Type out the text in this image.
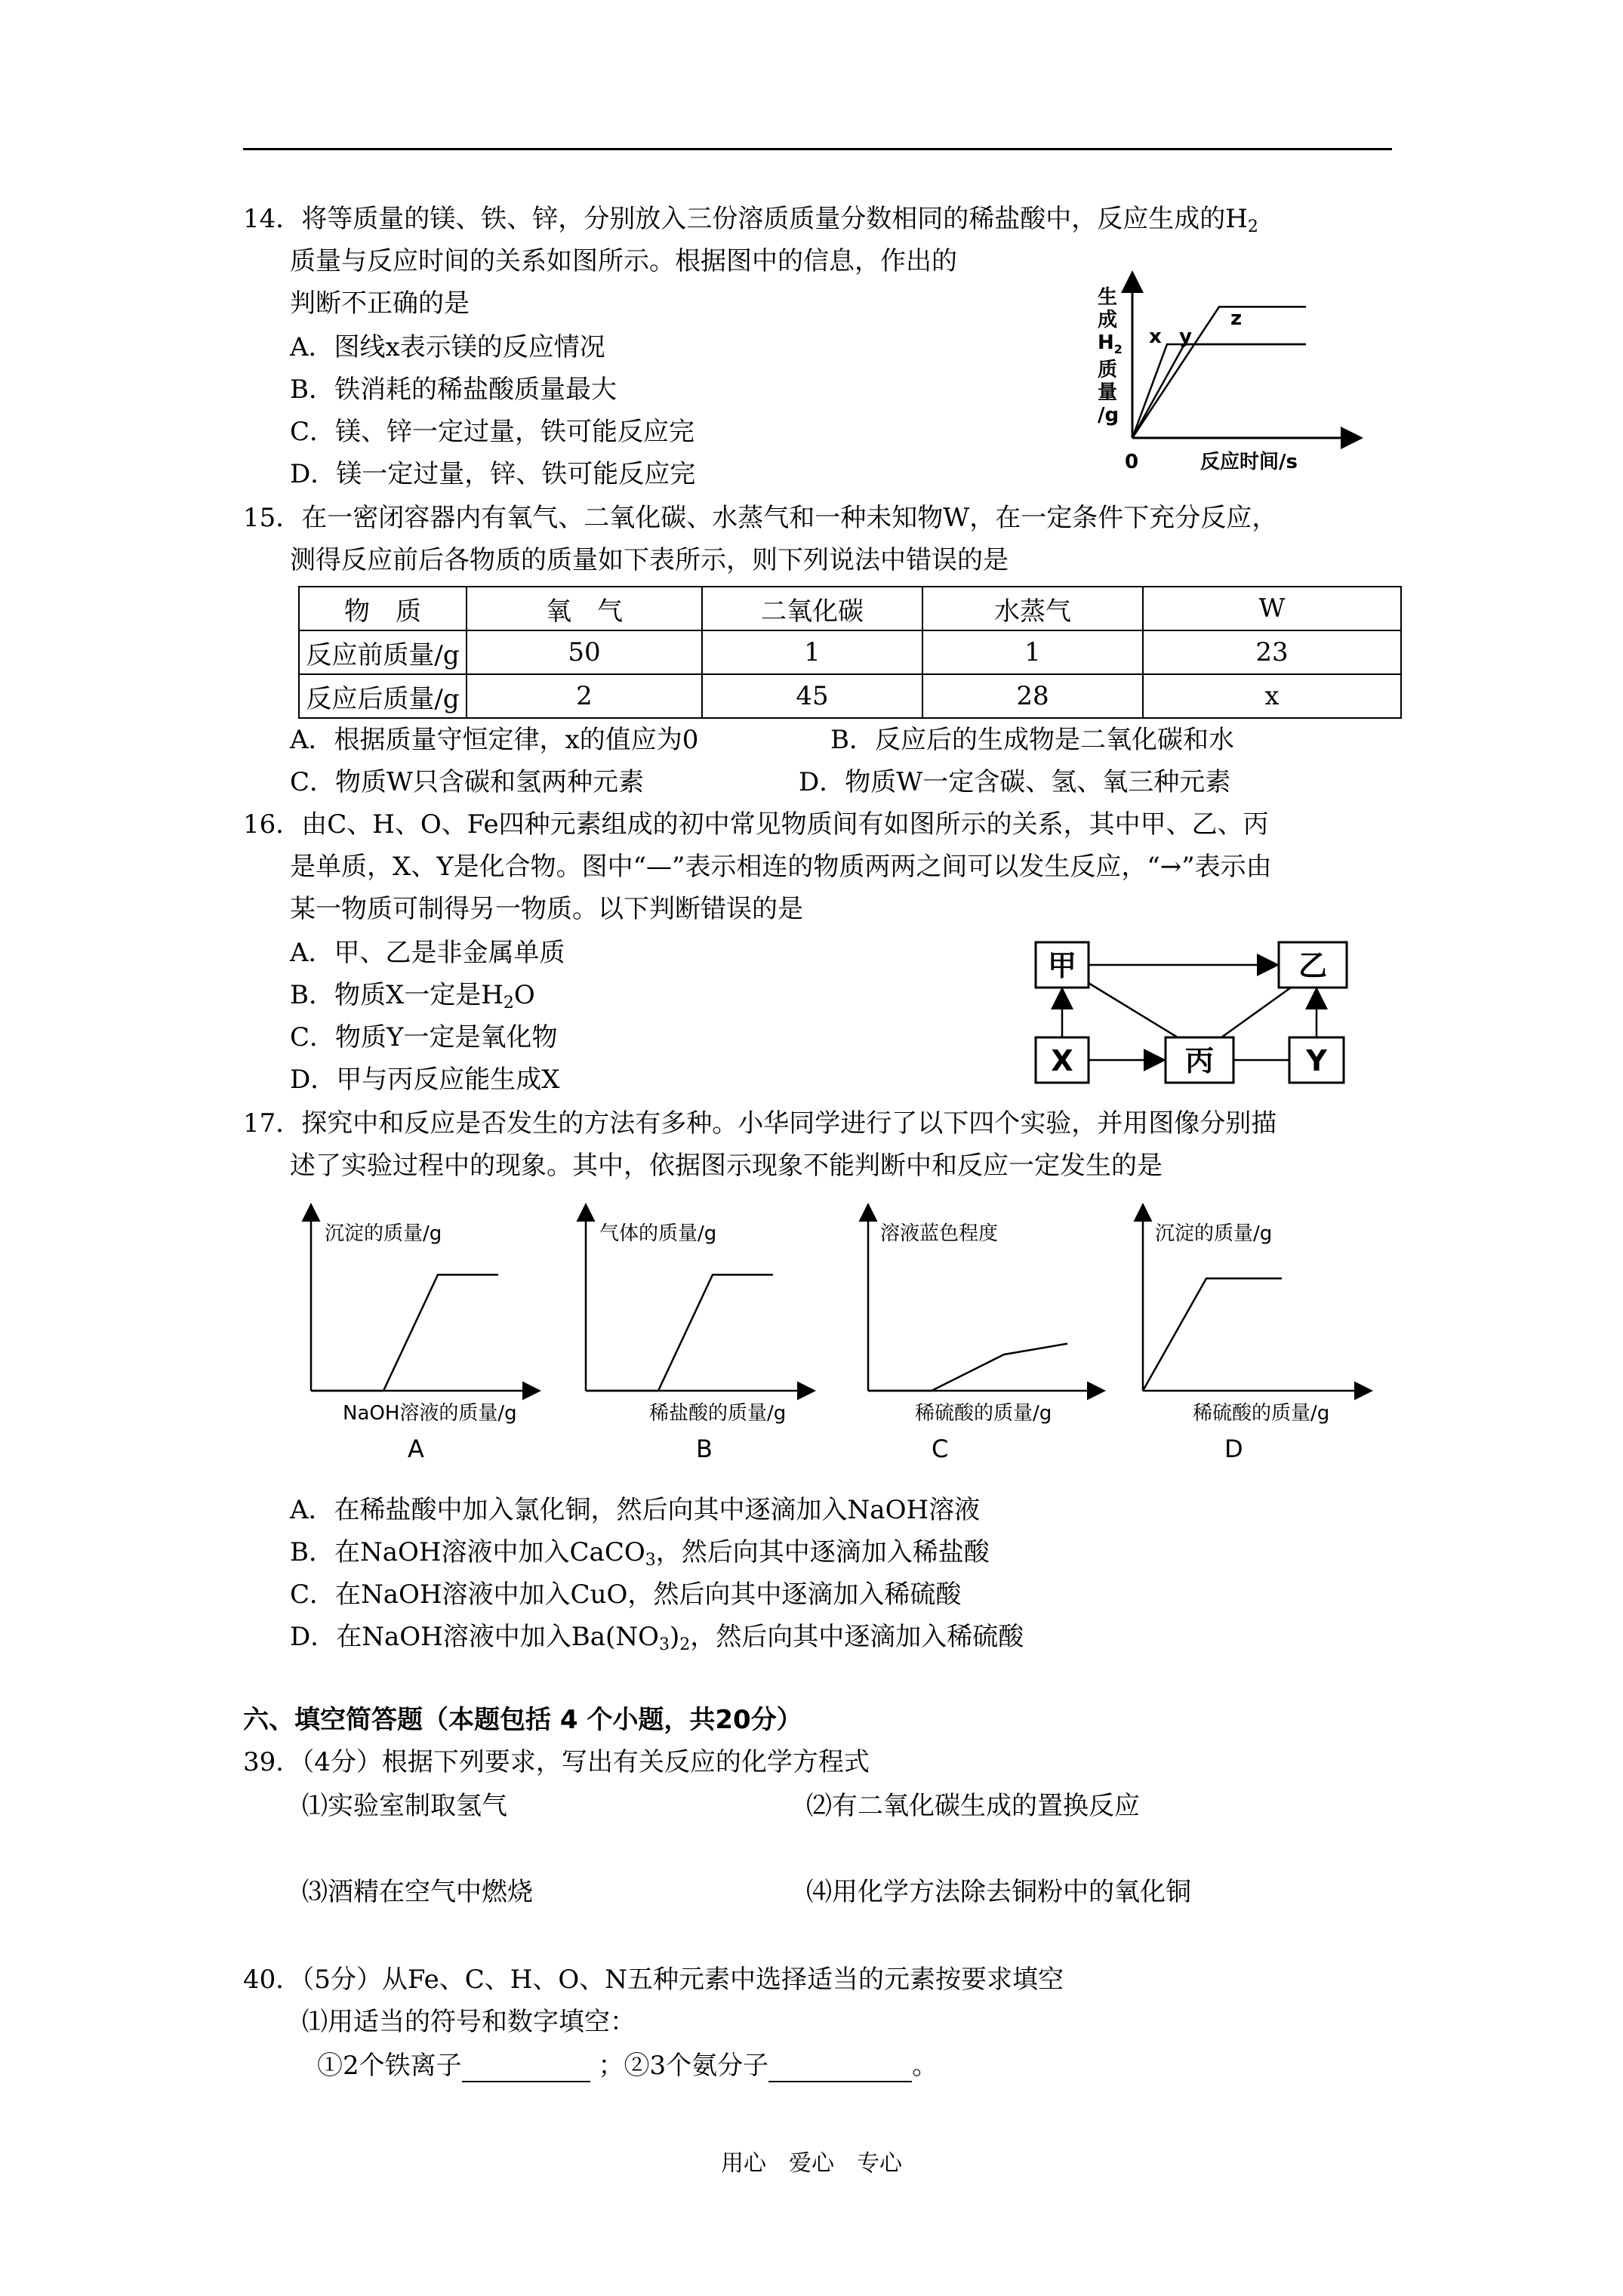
14．将等质量的镁、铁、锌，分别放入三份溶质质量分数相同的稀盐酸中，反应生成的$H_2$
质量与反应时间的关系如图所示。根据图中的信息，作出的
判断不正确的是
A．图线x表示镁的反应情况
B．铁消耗的稀盐酸质量最大
C．镁、锌一定过量，铁可能反应完
D．镁一定过量，锌、铁可能反应完
生
成
$H_2$
质
量
/g
0	反应时间/s
x y
z
15．在一密闭容器内有氧气、二氧化碳、水蒸气和一种未知物W，在一定条件下充分反应，
测得反应前后各物质的质量如下表所示，则下列说法中错误的是
物　质	氧　气	二氧化碳	水蒸气	W
反应前质量/g	50	1	1	23
反应后质量/g	2	45	28	x
A．根据质量守恒定律，x的值应为0	B．反应后的生成物是二氧化碳和水
C．物质W只含碳和氢两种元素	D．物质W一定含碳、氢、氧三种元素
16．由C、H、O、Fe四种元素组成的初中常见物质间有如图所示的关系，其中甲、乙、丙
是单质，X、Y是化合物。图中“—”表示相连的物质两两之间可以发生反应，“→”表示由
某一物质可制得另一物质。以下判断错误的是
A．甲、乙是非金属单质
B．物质X一定是$H_2O$
C．物质Y一定是氧化物
D．甲与丙反应能生成X
甲	乙
X	丙	Y
17．探究中和反应是否发生的方法有多种。小华同学进行了以下四个实验，并用图像分别描
述了实验过程中的现象。其中，依据图示现象不能判断中和反应一定发生的是
沉淀的质量/g
NaOH溶液的质量/g
A
气体的质量/g
稀盐酸的质量/g
B
溶液蓝色程度
稀硫酸的质量/g
C
沉淀的质量/g
稀硫酸的质量/g
D
A．在稀盐酸中加入氯化铜，然后向其中逐滴加入NaOH溶液
B．在NaOH溶液中加入CaCO$_3$，然后向其中逐滴加入稀盐酸
C．在NaOH溶液中加入CuO，然后向其中逐滴加入稀硫酸
D．在NaOH溶液中加入$Ba(NO_3)_2$，然后向其中逐滴加入稀硫酸
六、填空简答题（本题包括 4 个小题，共20分）
39．（4分）根据下列要求，写出有关反应的化学方程式
⑴实验室制取氢气	⑵有二氧化碳生成的置换反应
⑶酒精在空气中燃烧	⑷用化学方法除去铜粉中的氧化铜
40．（5分）从Fe、C、H、O、N五种元素中选择适当的元素按要求填空
⑴用适当的符号和数字填空：
①2个铁离子	；②3个氨分子	。
用心　爱心　专心
